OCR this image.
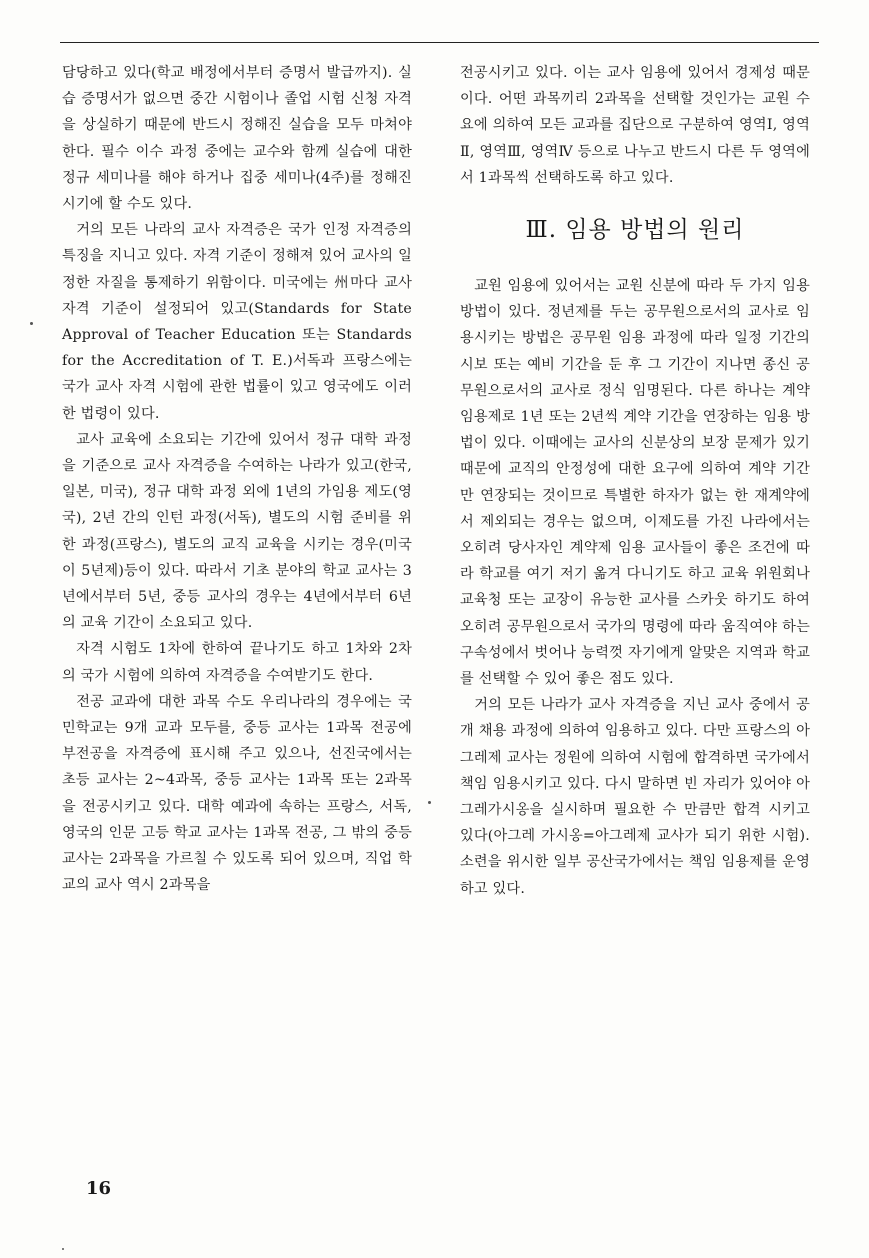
담당하고 있다(학교 배정에서부터 증명서 발급까지). 실습 증명서가 없으면 중간 시험이나 졸업 시험 신청 자격을 상실하기 때문에 반드시 정해진 실습을 모두 마쳐야 한다. 필수 이수 과정 중에는 교수와 함께 실습에 대한 정규 세미나를 해야 하거나 집중 세미나(4주)를 정해진 시기에 할 수도 있다.

거의 모든 나라의 교사 자격증은 국가 인정 자격증의 특징을 지니고 있다. 자격 기준이 정해져 있어 교사의 일정한 자질을 통제하기 위함이다. 미국에는 州마다 교사 자격 기준이 설정되어 있고(Standards for State Approval of Teacher Education 또는 Standards for the Accreditation of T. E.)서독과 프랑스에는 국가 교사 자격 시험에 관한 법률이 있고 영국에도 이러한 법령이 있다.

교사 교육에 소요되는 기간에 있어서 정규 대학 과정을 기준으로 교사 자격증을 수여하는 나라가 있고(한국, 일본, 미국), 정규 대학 과정 외에 1년의 가임용 제도(영국), 2년 간의 인턴 과정(서독), 별도의 시험 준비를 위한 과정(프랑스), 별도의 교직 교육을 시키는 경우(미국이 5년제)등이 있다. 따라서 기초 분야의 학교 교사는 3년에서부터 5년, 중등 교사의 경우는 4년에서부터 6년의 교육 기간이 소요되고 있다.

자격 시험도 1차에 한하여 끝나기도 하고 1차와 2차의 국가 시험에 의하여 자격증을 수여받기도 한다.

전공 교과에 대한 과목 수도 우리나라의 경우에는 국민학교는 9개 교과 모두를, 중등 교사는 1과목 전공에 부전공을 자격증에 표시해 주고 있으나, 선진국에서는 초등 교사는 2~4과목, 중등 교사는 1과목 또는 2과목을 전공시키고 있다. 대학 예과에 속하는 프랑스, 서독, 영국의 인문 고등 학교 교사는 1과목 전공, 그 밖의 중등 교사는 2과목을 가르칠 수 있도록 되어 있으며, 직업 학교의 교사 역시 2과목을

전공시키고 있다. 이는 교사 임용에 있어서 경제성 때문이다. 어떤 과목끼리 2과목을 선택할 것인가는 교원 수요에 의하여 모든 교과를 집단으로 구분하여 영역Ⅰ, 영역Ⅱ, 영역Ⅲ, 영역Ⅳ 등으로 나누고 반드시 다른 두 영역에서 1과목씩 선택하도록 하고 있다.

Ⅲ. 임용 방법의 원리

교원 임용에 있어서는 교원 신분에 따라 두 가지 임용 방법이 있다. 정년제를 두는 공무원으로서의 교사로 임용시키는 방법은 공무원 임용 과정에 따라 일정 기간의 시보 또는 예비 기간을 둔 후 그 기간이 지나면 종신 공무원으로서의 교사로 정식 임명된다. 다른 하나는 계약 임용제로 1년 또는 2년씩 계약 기간을 연장하는 임용 방법이 있다. 이때에는 교사의 신분상의 보장 문제가 있기 때문에 교직의 안정성에 대한 요구에 의하여 계약 기간만 연장되는 것이므로 특별한 하자가 없는 한 재계약에서 제외되는 경우는 없으며, 이제도를 가진 나라에서는 오히려 당사자인 계약제 임용 교사들이 좋은 조건에 따라 학교를 여기 저기 옮겨 다니기도 하고 교육 위원회나 교육청 또는 교장이 유능한 교사를 스카웃 하기도 하여 오히려 공무원으로서 국가의 명령에 따라 움직여야 하는 구속성에서 벗어나 능력껏 자기에게 알맞은 지역과 학교를 선택할 수 있어 좋은 점도 있다.

거의 모든 나라가 교사 자격증을 지닌 교사 중에서 공개 채용 과정에 의하여 임용하고 있다. 다만 프랑스의 아그레제 교사는 정원에 의하여 시험에 합격하면 국가에서 책임 임용시키고 있다. 다시 말하면 빈 자리가 있어야 아그레가시옹을 실시하며 필요한 수 만큼만 합격 시키고 있다(아그레 가시옹=아그레제 교사가 되기 위한 시험). 소련을 위시한 일부 공산국가에서는 책임 임용제를 운영하고 있다.

16
